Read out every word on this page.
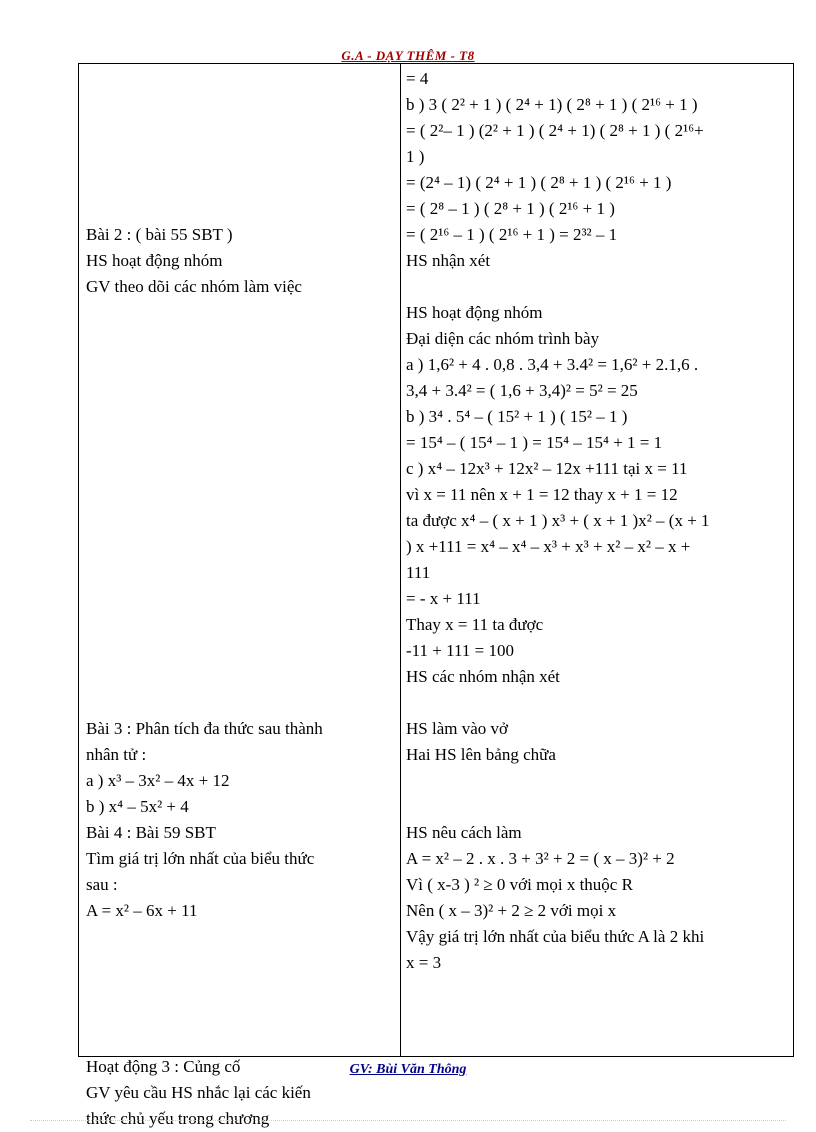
G.A - DẠY THÊM - T8
Bài 2 : ( bài 55 SBT )
HS hoạt động nhóm
GV theo dõi các nhóm làm việc
Bài 3 : Phân tích đa thức sau thành
nhân tử :
a ) x³ – 3x² – 4x + 12
b ) x⁴ – 5x² + 4
Bài 4 : Bài 59 SBT
Tìm giá trị lớn nhất của biểu thức
sau :
A = x² – 6x + 11
Hoạt động 3 : Củng cố
GV yêu cầu HS nhắc lại các kiến
thức chủ yếu trong chương
= 4
b ) 3 ( 2² + 1 ) ( 2⁴ + 1) ( 2⁸ + 1 ) ( 2¹⁶ + 1 )
= ( 2²– 1 ) (2² + 1 ) ( 2⁴ + 1) ( 2⁸ + 1 ) ( 2¹⁶+
1 )
= (2⁴ – 1) ( 2⁴ + 1 ) ( 2⁸ + 1 ) ( 2¹⁶ + 1 )
= ( 2⁸ – 1 ) ( 2⁸ + 1 ) ( 2¹⁶ + 1 )
= ( 2¹⁶ – 1 ) ( 2¹⁶ + 1 ) = 2³² – 1
HS nhận xét
HS hoạt động nhóm
Đại diện các nhóm trình bày
a ) 1,6² + 4 . 0,8 . 3,4 + 3.4² = 1,6² + 2.1,6 .
3,4 + 3.4² = ( 1,6 + 3,4)² = 5² = 25
b ) 3⁴ . 5⁴ – ( 15² + 1 ) ( 15² – 1 )
= 15⁴ – ( 15⁴ – 1 ) = 15⁴ – 15⁴ + 1 = 1
c ) x⁴ – 12x³ + 12x² – 12x +111 tại x = 11
vì x = 11 nên x + 1 = 12 thay x + 1 = 12
ta được x⁴ – ( x + 1 ) x³ + ( x + 1 )x² – (x + 1
) x +111 = x⁴ – x⁴ – x³ + x³ + x² – x² – x +
111
= - x + 111
Thay x = 11 ta được
-11 + 111 = 100
HS các nhóm nhận xét
HS làm vào vở
Hai HS lên bảng chữa
HS nêu cách làm
A = x² – 2 . x . 3 + 3² + 2 = ( x – 3)² + 2
Vì ( x-3 ) ² ≥ 0 với mọi x thuộc R
Nên ( x – 3)² + 2 ≥ 2 với mọi x
Vậy giá trị lớn nhất của biểu thức A là 2 khi
x = 3
GV: Bùi Văn Thông
